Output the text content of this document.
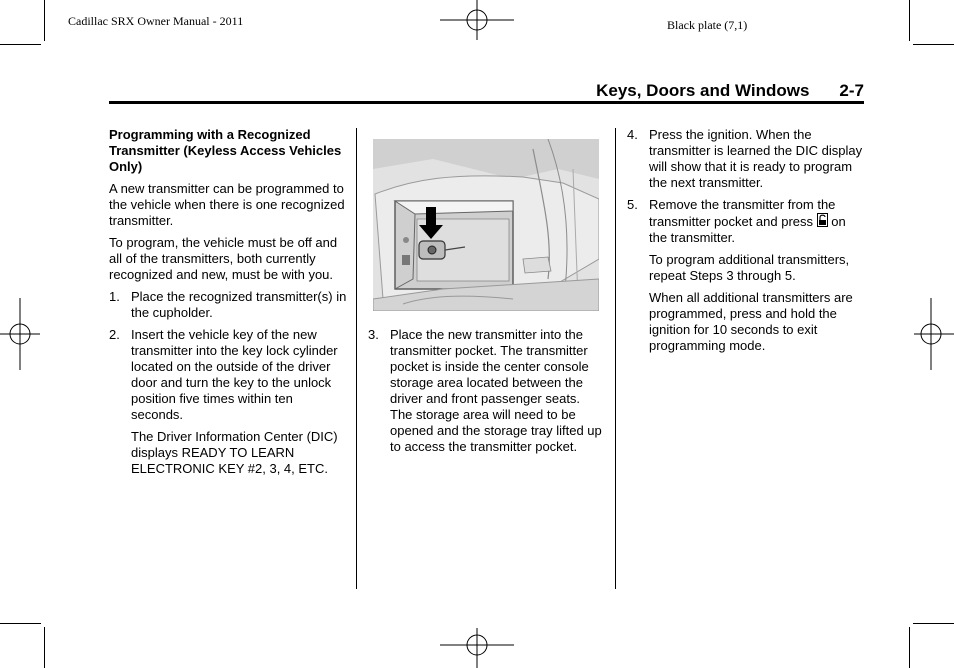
Cadillac SRX Owner Manual - 2011	Black plate (7,1)
Keys, Doors and Windows 2-7

Programming with a Recognized Transmitter (Keyless Access Vehicles Only)

A new transmitter can be programmed to the vehicle when there is one recognized transmitter.

To program, the vehicle must be off and all of the transmitters, both currently recognized and new, must be with you.

1. Place the recognized transmitter(s) in the cupholder.
2. Insert the vehicle key of the new transmitter into the key lock cylinder located on the outside of the driver door and turn the key to the unlock position five times within ten seconds.

The Driver Information Center (DIC) displays READY TO LEARN ELECTRONIC KEY #2, 3, 4, ETC.

3. Place the new transmitter into the transmitter pocket. The transmitter pocket is inside the center console storage area located between the driver and front passenger seats. The storage area will need to be opened and the storage tray lifted up to access the transmitter pocket.
4. Press the ignition. When the transmitter is learned the DIC display will show that it is ready to program the next transmitter.
5. Remove the transmitter from the transmitter pocket and press on the transmitter.

To program additional transmitters, repeat Steps 3 through 5.

When all additional transmitters are programmed, press and hold the ignition for 10 seconds to exit programming mode.
